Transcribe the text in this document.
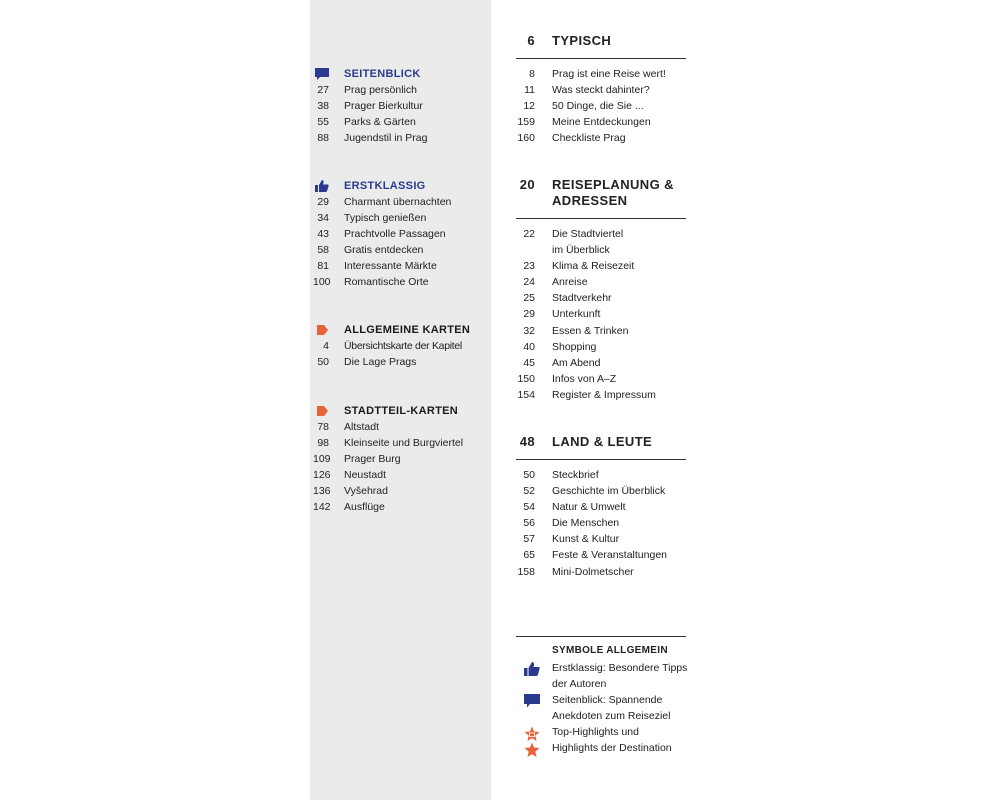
SEITENBLICK
27 Prag persönlich
38 Prager Bierkultur
55 Parks & Gärten
88 Jugendstil in Prag
ERSTKLASSIG
29 Charmant übernachten
34 Typisch genießen
43 Prachtvolle Passagen
58 Gratis entdecken
81 Interessante Märkte
100 Romantische Orte
ALLGEMEINE KARTEN
4 Übersichtskarte der Kapitel
50 Die Lage Prags
STADTTEIL-KARTEN
78 Altstadt
98 Kleinseite und Burgviertel
109 Prager Burg
126 Neustadt
136 Vyšehrad
142 Ausflüge
6 TYPISCH
8 Prag ist eine Reise wert!
11 Was steckt dahinter?
12 50 Dinge, die Sie ...
159 Meine Entdeckungen
160 Checkliste Prag
20 REISEPLANUNG & ADRESSEN
22 Die Stadtviertel
im Überblick
23 Klima & Reisezeit
24 Anreise
25 Stadtverkehr
29 Unterkunft
32 Essen & Trinken
40 Shopping
45 Am Abend
150 Infos von A–Z
154 Register & Impressum
48 LAND & LEUTE
50 Steckbrief
52 Geschichte im Überblick
54 Natur & Umwelt
56 Die Menschen
57 Kunst & Kultur
65 Feste & Veranstaltungen
158 Mini-Dolmetscher
SYMBOLE ALLGEMEIN
Erstklassig: Besondere Tipps
der Autoren
Seitenblick: Spannende
Anekdoten zum Reiseziel
Top-Highlights und
Highlights der Destination
